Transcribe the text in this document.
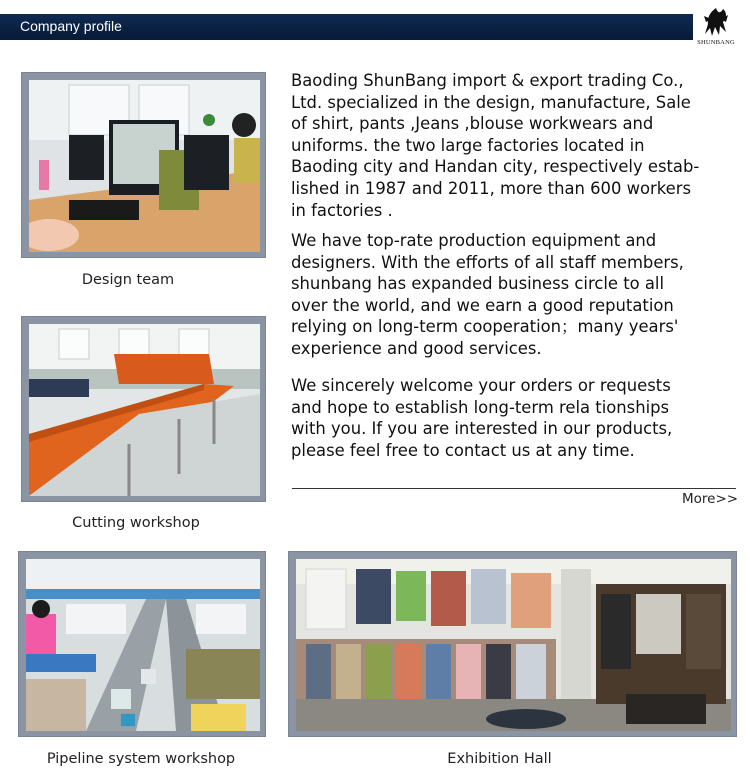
Company profile
SHUNBANG
Design team
Cutting workshop
Pipeline system workshop	Exhibition Hall
Baoding ShunBang import & export trading Co.,
Ltd. specialized in the design, manufacture, Sale
of shirt, pants ,Jeans ,blouse workwears and
uniforms. the two large factories located in
Baoding city and Handan city, respectively estab-
lished in 1987 and 2011, more than 600 workers
in factories .
We have top-rate production equipment and
designers. With the efforts of all staff members,
shunbang has expanded business circle to all
over the world, and we earn a good reputation
relying on long-term cooperation；many years'
experience and good services.
We sincerely welcome your orders or requests
and hope to establish long-term rela tionships
with you. If you are interested in our products,
please feel free to contact us at any time.
More>>
